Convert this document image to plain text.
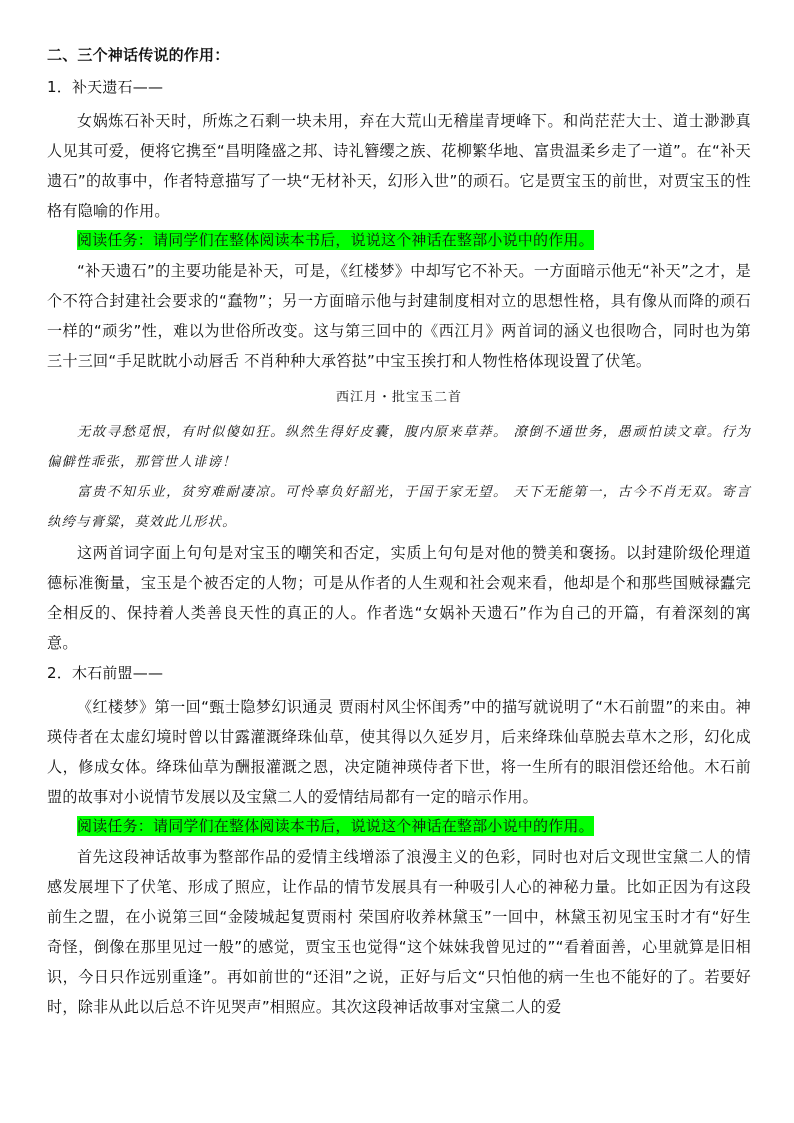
二、三个神话传说的作用：
1．补天遗石——

女娲炼石补天时，所炼之石剩一块未用，弃在大荒山无稽崖青埂峰下。和尚茫茫大士、道士渺渺真人见其可爱，便将它携至“昌明隆盛之邦、诗礼簪缨之族、花柳繁华地、富贵温柔乡走了一道”。在“补天遗石”的故事中，作者特意描写了一块“无材补天，幻形入世”的顽石。它是贾宝玉的前世，对贾宝玉的性格有隐喻的作用。

阅读任务：请同学们在整体阅读本书后，说说这个神话在整部小说中的作用。

“补天遗石”的主要功能是补天，可是，《红楼梦》中却写它不补天。一方面暗示他无“补天”之才，是个不符合封建社会要求的“蠢物”；另一方面暗示他与封建制度相对立的思想性格，具有像从而降的顽石一样的“顽劣”性，难以为世俗所改变。这与第三回中的《西江月》两首词的涵义也很吻合，同时也为第三十三回“手足眈眈小动唇舌 不肖种种大承笞挞”中宝玉挨打和人物性格体现设置了伏笔。

西江月・批宝玉二首

无故寻愁觅恨，有时似傻如狂。纵然生得好皮囊，腹内原来草莽。 潦倒不通世务，愚顽怕读文章。行为偏僻性乖张，那管世人诽谤！

富贵不知乐业，贫穷难耐凄凉。可怜辜负好韶光，于国于家无望。 天下无能第一，古今不肖无双。寄言纨绔与膏粱，莫效此儿形状。

这两首词字面上句句是对宝玉的嘲笑和否定，实质上句句是对他的赞美和褒扬。以封建阶级伦理道德标准衡量，宝玉是个被否定的人物；可是从作者的人生观和社会观来看，他却是个和那些国贼禄蠹完全相反的、保持着人类善良天性的真正的人。作者选“女娲补天遗石”作为自己的开篇，有着深刻的寓意。

2．木石前盟——

《红楼梦》第一回“甄士隐梦幻识通灵 贾雨村风尘怀闺秀”中的描写就说明了“木石前盟”的来由。神瑛侍者在太虚幻境时曾以甘露灌溉绛珠仙草，使其得以久延岁月，后来绛珠仙草脱去草木之形，幻化成人，修成女体。绛珠仙草为酬报灌溉之恩，决定随神瑛侍者下世，将一生所有的眼泪偿还给他。木石前盟的故事对小说情节发展以及宝黛二人的爱情结局都有一定的暗示作用。

阅读任务：请同学们在整体阅读本书后，说说这个神话在整部小说中的作用。

首先这段神话故事为整部作品的爱情主线增添了浪漫主义的色彩，同时也对后文现世宝黛二人的情感发展埋下了伏笔、形成了照应，让作品的情节发展具有一种吸引人心的神秘力量。比如正因为有这段前生之盟，在小说第三回“金陵城起复贾雨村 荣国府收养林黛玉”一回中，林黛玉初见宝玉时才有“好生奇怪，倒像在那里见过一般”的感觉，贾宝玉也觉得“这个妹妹我曾见过的”“看着面善，心里就算是旧相识，今日只作远别重逢”。再如前世的“还泪”之说，正好与后文“只怕他的病一生也不能好的了。若要好时，除非从此以后总不许见哭声”相照应。其次这段神话故事对宝黛二人的爱
